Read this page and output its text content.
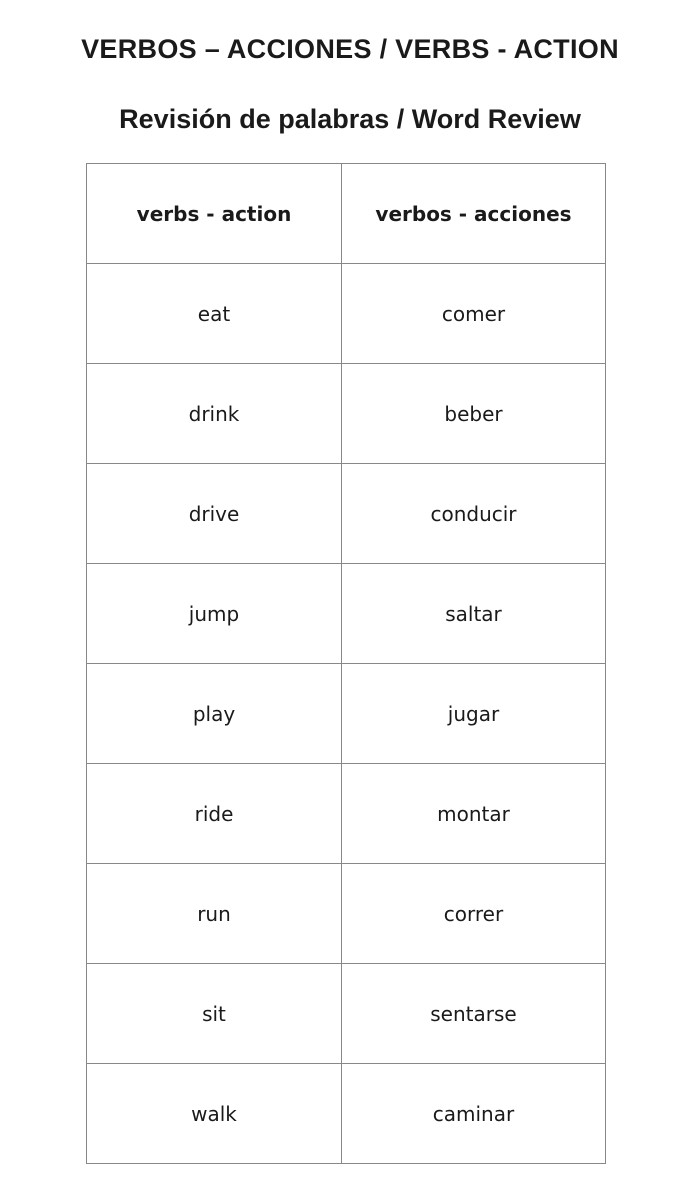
VERBOS – ACCIONES / VERBS - ACTION
Revisión de palabras / Word Review
verbs - action	verbos - acciones
eat	comer
drink	beber
drive	conducir
jump	saltar
play	jugar
ride	montar
run	correr
sit	sentarse
walk	caminar
